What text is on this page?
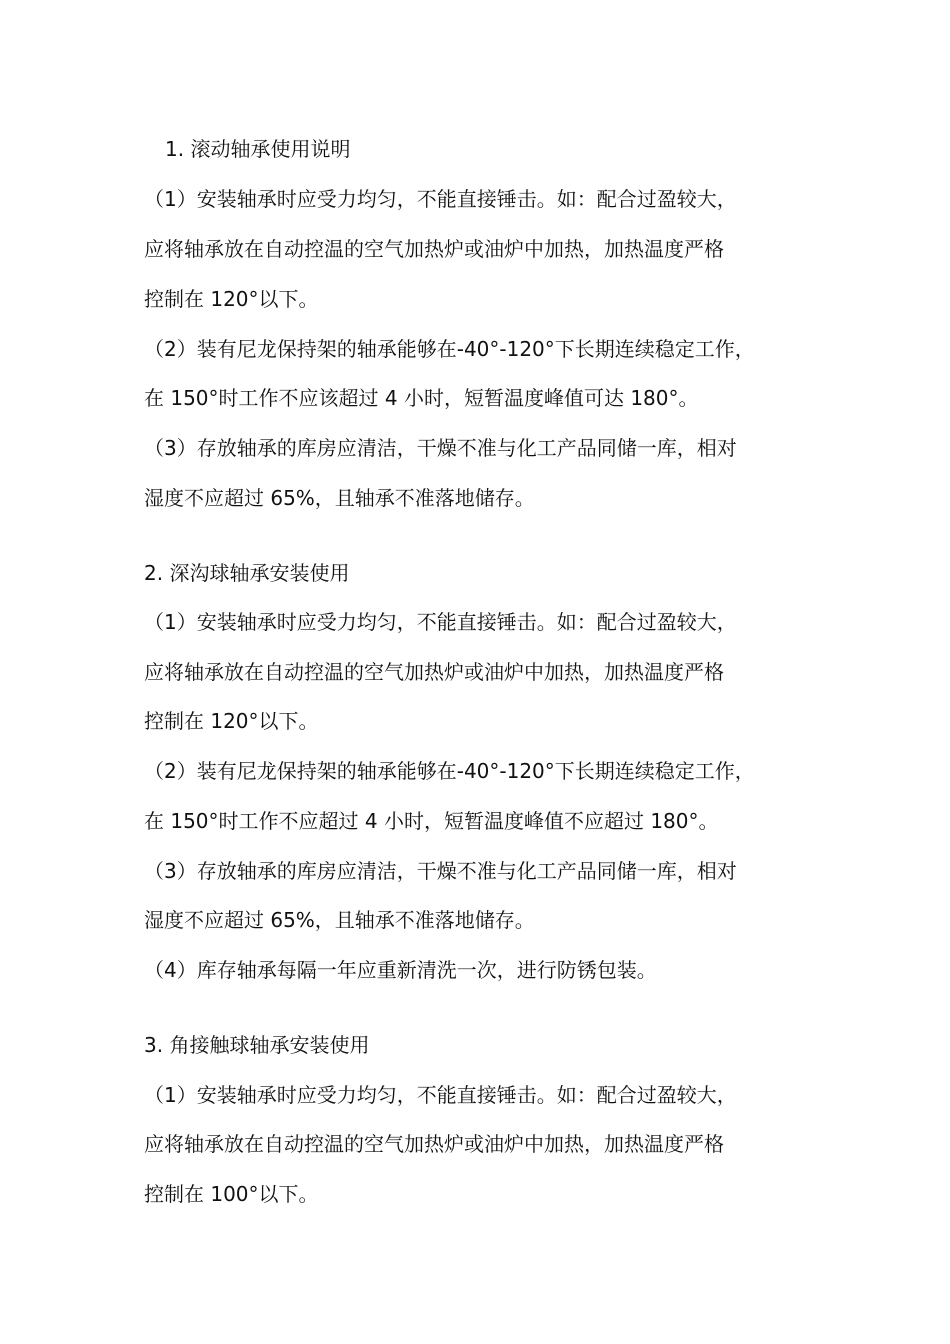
1. 滚动轴承使用说明
（1）安装轴承时应受力均匀，不能直接锤击。如：配合过盈较大，
应将轴承放在自动控温的空气加热炉或油炉中加热，加热温度严格
控制在 120°以下。
（2）装有尼龙保持架的轴承能够在-40°-120°下长期连续稳定工作，
在 150°时工作不应该超过 4 小时，短暂温度峰值可达 180°。
（3）存放轴承的库房应清洁，干燥不准与化工产品同储一库，相对
湿度不应超过 65%，且轴承不准落地储存。
2. 深沟球轴承安装使用
（1）安装轴承时应受力均匀，不能直接锤击。如：配合过盈较大，
应将轴承放在自动控温的空气加热炉或油炉中加热，加热温度严格
控制在 120°以下。
（2）装有尼龙保持架的轴承能够在-40°-120°下长期连续稳定工作，
在 150°时工作不应超过 4 小时，短暂温度峰值不应超过 180°。
（3）存放轴承的库房应清洁，干燥不准与化工产品同储一库，相对
湿度不应超过 65%，且轴承不准落地储存。
（4）库存轴承每隔一年应重新清洗一次，进行防锈包装。
3. 角接触球轴承安装使用
（1）安装轴承时应受力均匀，不能直接锤击。如：配合过盈较大，
应将轴承放在自动控温的空气加热炉或油炉中加热，加热温度严格
控制在 100°以下。
